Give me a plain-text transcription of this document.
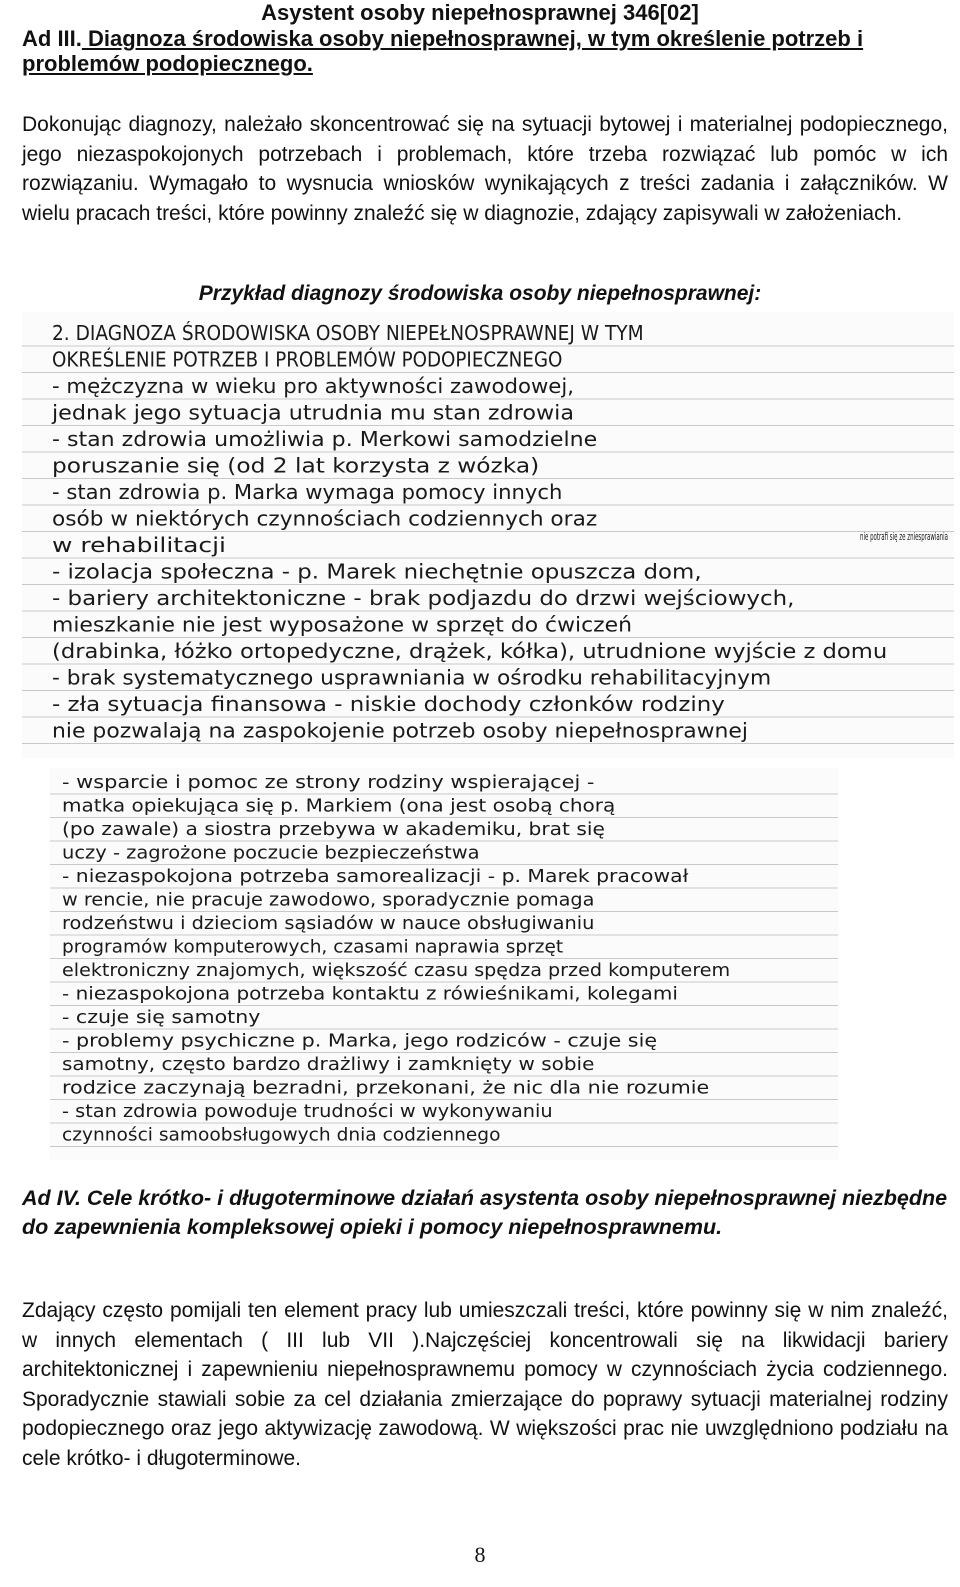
Asystent osoby niepełnosprawnej 346[02]
Ad III. Diagnoza środowiska osoby niepełnosprawnej, w tym określenie potrzeb i problemów podopiecznego.
Dokonując diagnozy, należało skoncentrować się na sytuacji bytowej i materialnej podopiecznego, jego niezaspokojonych potrzebach i problemach, które trzeba rozwiązać lub pomóc w ich rozwiązaniu. Wymagało to wysnucia wniosków wynikających z treści zadania i załączników. W wielu pracach treści, które powinny znaleźć się w diagnozie, zdający zapisywali w założeniach.
Przykład diagnozy środowiska osoby niepełnosprawnej:
2. DIAGNOZA ŚRODOWISKA OSOBY NIEPEŁNOSPRAWNEJ W TYM
OKREŚLENIE POTRZEB I PROBLEMÓW PODOPIECZNEGO
- mężczyzna w wieku pro aktywności zawodowej,
jednak jego sytuacja utrudnia mu stan zdrowia
- stan zdrowia umożliwia p. Merkowi samodzielne
poruszanie się (od 2 lat korzysta z wózka)
- stan zdrowia p. Marka wymaga pomocy innych
osób w niektórych czynnościach codziennych oraz
w rehabilitacji
- izolacja społeczna - p. Marek niechętnie opuszcza dom,
- bariery architektoniczne - brak podjazdu do drzwi wejściowych,
mieszkanie nie jest wyposażone w sprzęt do ćwiczeń
(drabinka, łóżko ortopedyczne, drążek, kółka), utrudnione wyjście z domu
- brak systematycznego usprawniania w ośrodku rehabilitacyjnym
- zła sytuacja finansowa - niskie dochody członków rodziny
nie pozwalają na zaspokojenie potrzeb osoby niepełnosprawnej
nie potrafi się ze zniesprawiania
- wsparcie i pomoc ze strony rodziny wspierającej -
matka opiekująca się p. Markiem (ona jest osobą chorą
(po zawale) a siostra przebywa w akademiku, brat się
uczy - zagrożone poczucie bezpieczeństwa
- niezaspokojona potrzeba samorealizacji - p. Marek pracował
w rencie, nie pracuje zawodowo, sporadycznie pomaga
rodzeństwu i dzieciom sąsiadów w nauce obsługiwaniu
programów komputerowych, czasami naprawia sprzęt
elektroniczny znajomych, większość czasu spędza przed komputerem
- niezaspokojona potrzeba kontaktu z rówieśnikami, kolegami
- czuje się samotny
- problemy psychiczne p. Marka, jego rodziców - czuje się
samotny, często bardzo drażliwy i zamknięty w sobie
rodzice zaczynają bezradni, przekonani, że nic dla nie rozumie
- stan zdrowia powoduje trudności w wykonywaniu
czynności samoobsługowych dnia codziennego
Ad IV. Cele krótko- i długoterminowe działań asystenta osoby niepełnosprawnej niezbędne do zapewnienia kompleksowej opieki i pomocy niepełnosprawnemu.
Zdający często pomijali ten element pracy lub umieszczali treści, które powinny się w nim znaleźć, w innych elementach ( III lub VII ).Najczęściej koncentrowali się na likwidacji bariery architektonicznej i zapewnieniu niepełnosprawnemu pomocy w czynnościach życia codziennego. Sporadycznie stawiali sobie za cel działania zmierzające do poprawy sytuacji materialnej rodziny podopiecznego oraz jego aktywizację zawodową. W większości prac nie uwzględniono podziału na cele krótko- i długoterminowe.
8
